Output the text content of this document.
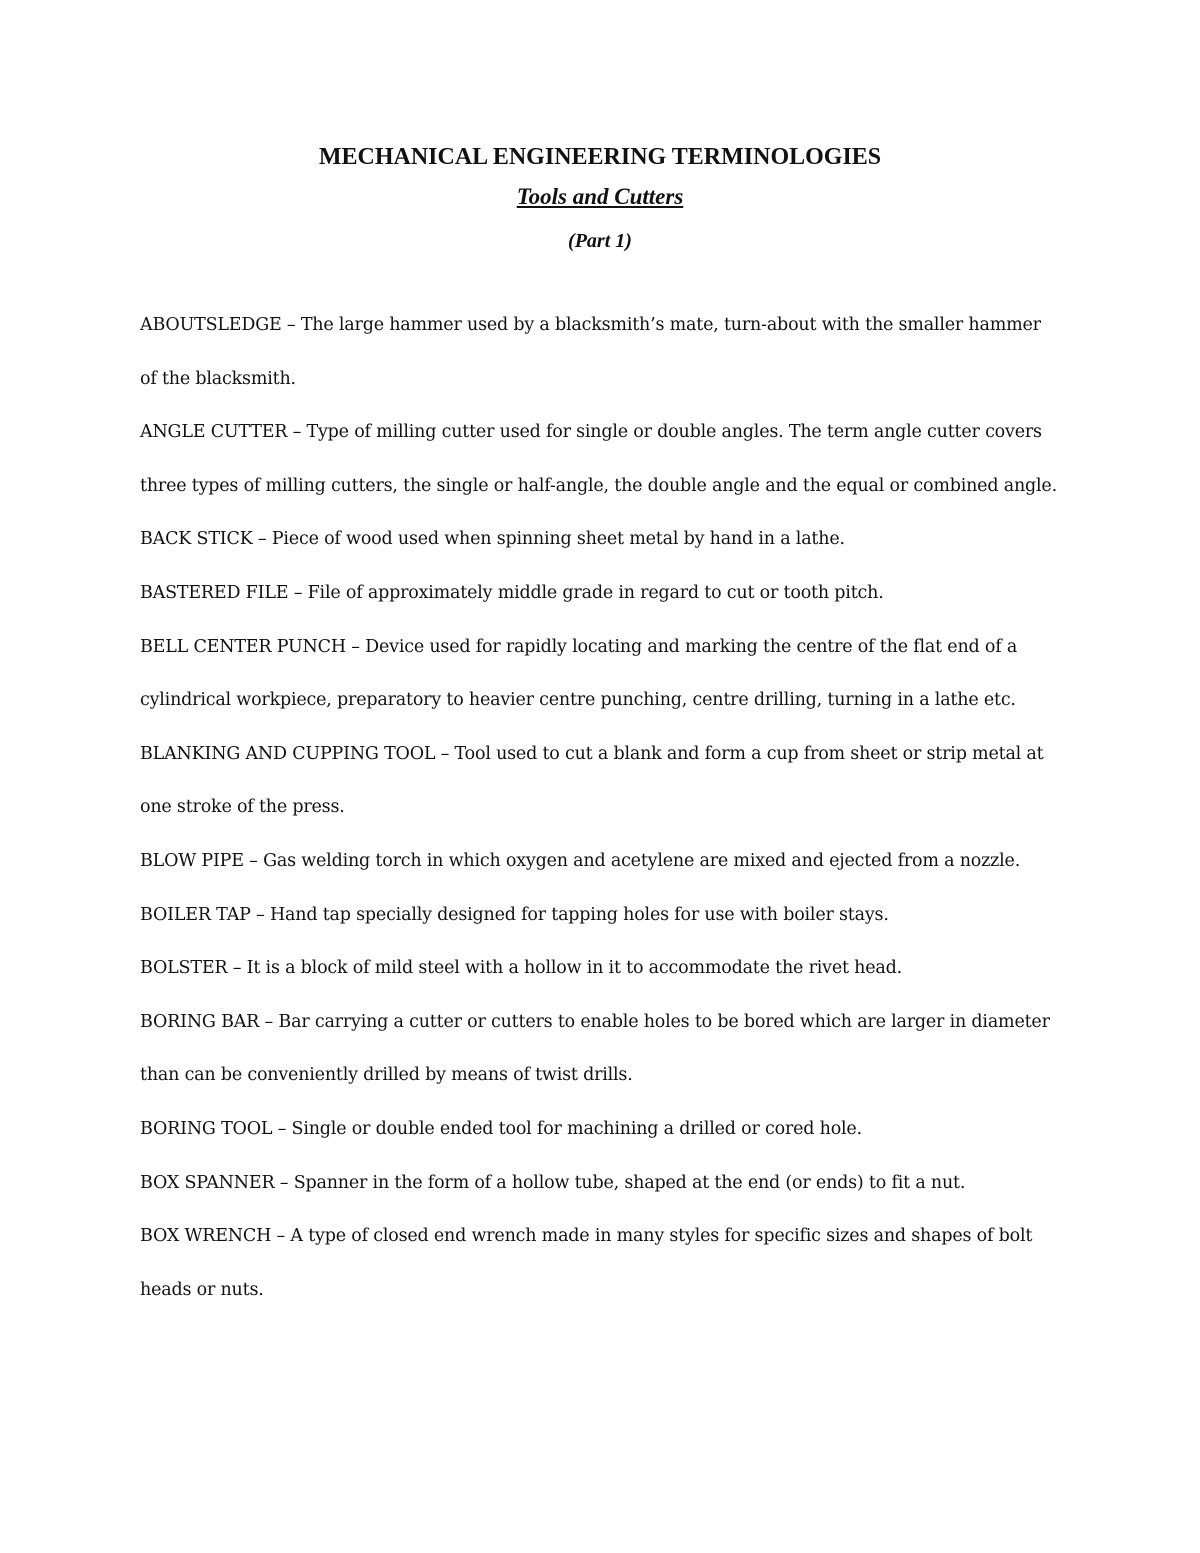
MECHANICAL ENGINEERING TERMINOLOGIES
Tools and Cutters
(Part 1)
ABOUTSLEDGE – The large hammer used by a blacksmith’s mate, turn-about with the smaller hammer of the blacksmith.
ANGLE CUTTER – Type of milling cutter used for single or double angles. The term angle cutter covers three types of milling cutters, the single or half-angle, the double angle and the equal or combined angle.
BACK STICK – Piece of wood used when spinning sheet metal by hand in a lathe.
BASTERED FILE – File of approximately middle grade in regard to cut or tooth pitch.
BELL CENTER PUNCH – Device used for rapidly locating and marking the centre of the flat end of a cylindrical workpiece, preparatory to heavier centre punching, centre drilling, turning in a lathe etc.
BLANKING AND CUPPING TOOL – Tool used to cut a blank and form a cup from sheet or strip metal at one stroke of the press.
BLOW PIPE – Gas welding torch in which oxygen and acetylene are mixed and ejected from a nozzle.
BOILER TAP – Hand tap specially designed for tapping holes for use with boiler stays.
BOLSTER – It is a block of mild steel with a hollow in it to accommodate the rivet head.
BORING BAR – Bar carrying a cutter or cutters to enable holes to be bored which are larger in diameter than can be conveniently drilled by means of twist drills.
BORING TOOL – Single or double ended tool for machining a drilled or cored hole.
BOX SPANNER – Spanner in the form of a hollow tube, shaped at the end (or ends) to fit a nut.
BOX WRENCH – A type of closed end wrench made in many styles for specific sizes and shapes of bolt heads or nuts.
